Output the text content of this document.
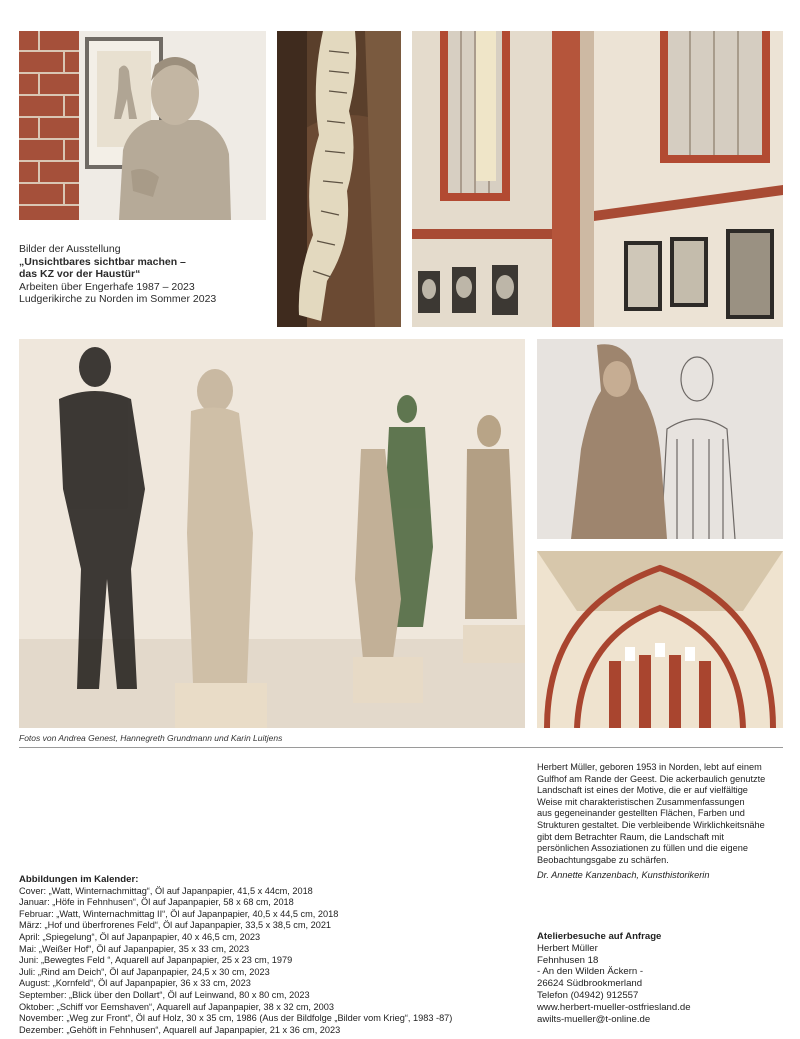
Bilder der Ausstellung
„Unsichtbares sichtbar machen –
das KZ vor der Haustür“
Arbeiten über Engerhafe 1987 – 2023
Ludgerikirche zu Norden im Sommer 2023
Fotos von Andrea Genest, Hannegreth Grundmann und Karin Luitjens
Herbert Müller, geboren 1953 in Norden, lebt auf einem
Gulfhof am Rande der Geest. Die ackerbaulich genutzte
Landschaft ist eines der Motive, die er auf vielfältige
Weise mit charakteristischen Zusammenfassungen
aus gegeneinander gestellten Flächen, Farben und
Strukturen gestaltet. Die verbleibende Wirklichkeitsnähe
gibt dem Betrachter Raum, die Landschaft mit
persönlichen Assoziationen zu füllen und die eigene
Beobachtungsgabe zu schärfen.
Dr. Annette Kanzenbach, Kunsthistorikerin
Abbildungen im Kalender:
Cover: „Watt, Winternachmittag“, Öl auf Japanpapier, 41,5 x 44cm, 2018
Januar: „Höfe in Fehnhusen“, Öl auf Japanpapier, 58 x 68 cm, 2018
Februar: „Watt, Winternachmittag II“, Öl auf Japanpapier, 40,5 x 44,5 cm, 2018
März: „Hof und überfrorenes Feld“, Öl auf Japanpapier, 33,5 x 38,5 cm, 2021
April: „Spiegelung“, Öl auf Japanpapier, 40 x 46,5 cm, 2023
Mai: „Weißer Hof“, Öl auf Japanpapier, 35 x 33 cm, 2023
Juni: „Bewegtes Feld “, Aquarell auf Japanpapier, 25 x 23 cm, 1979
Juli: „Rind am Deich“, Öl auf Japanpapier, 24,5 x 30 cm, 2023
August: „Kornfeld“, Öl auf Japanpapier, 36 x 33 cm, 2023
September: „Blick über den Dollart“, Öl auf Leinwand, 80 x 80 cm, 2023
Oktober: „Schiff vor Eemshaven“, Aquarell auf Japanpapier, 38 x 32 cm, 2003
November: „Weg zur Front“, Öl auf Holz, 30 x 35 cm, 1986 (Aus der Bildfolge „Bilder vom Krieg“, 1983 -87)
Dezember: „Gehöft in Fehnhusen“, Aquarell auf Japanpapier, 21 x 36 cm, 2023
Atelierbesuche auf Anfrage
Herbert Müller
Fehnhusen 18
- An den Wilden Äckern -
26624 Südbrookmerland
Telefon (04942) 912557
www.herbert-mueller-ostfriesland.de
awilts-mueller@t-online.de
